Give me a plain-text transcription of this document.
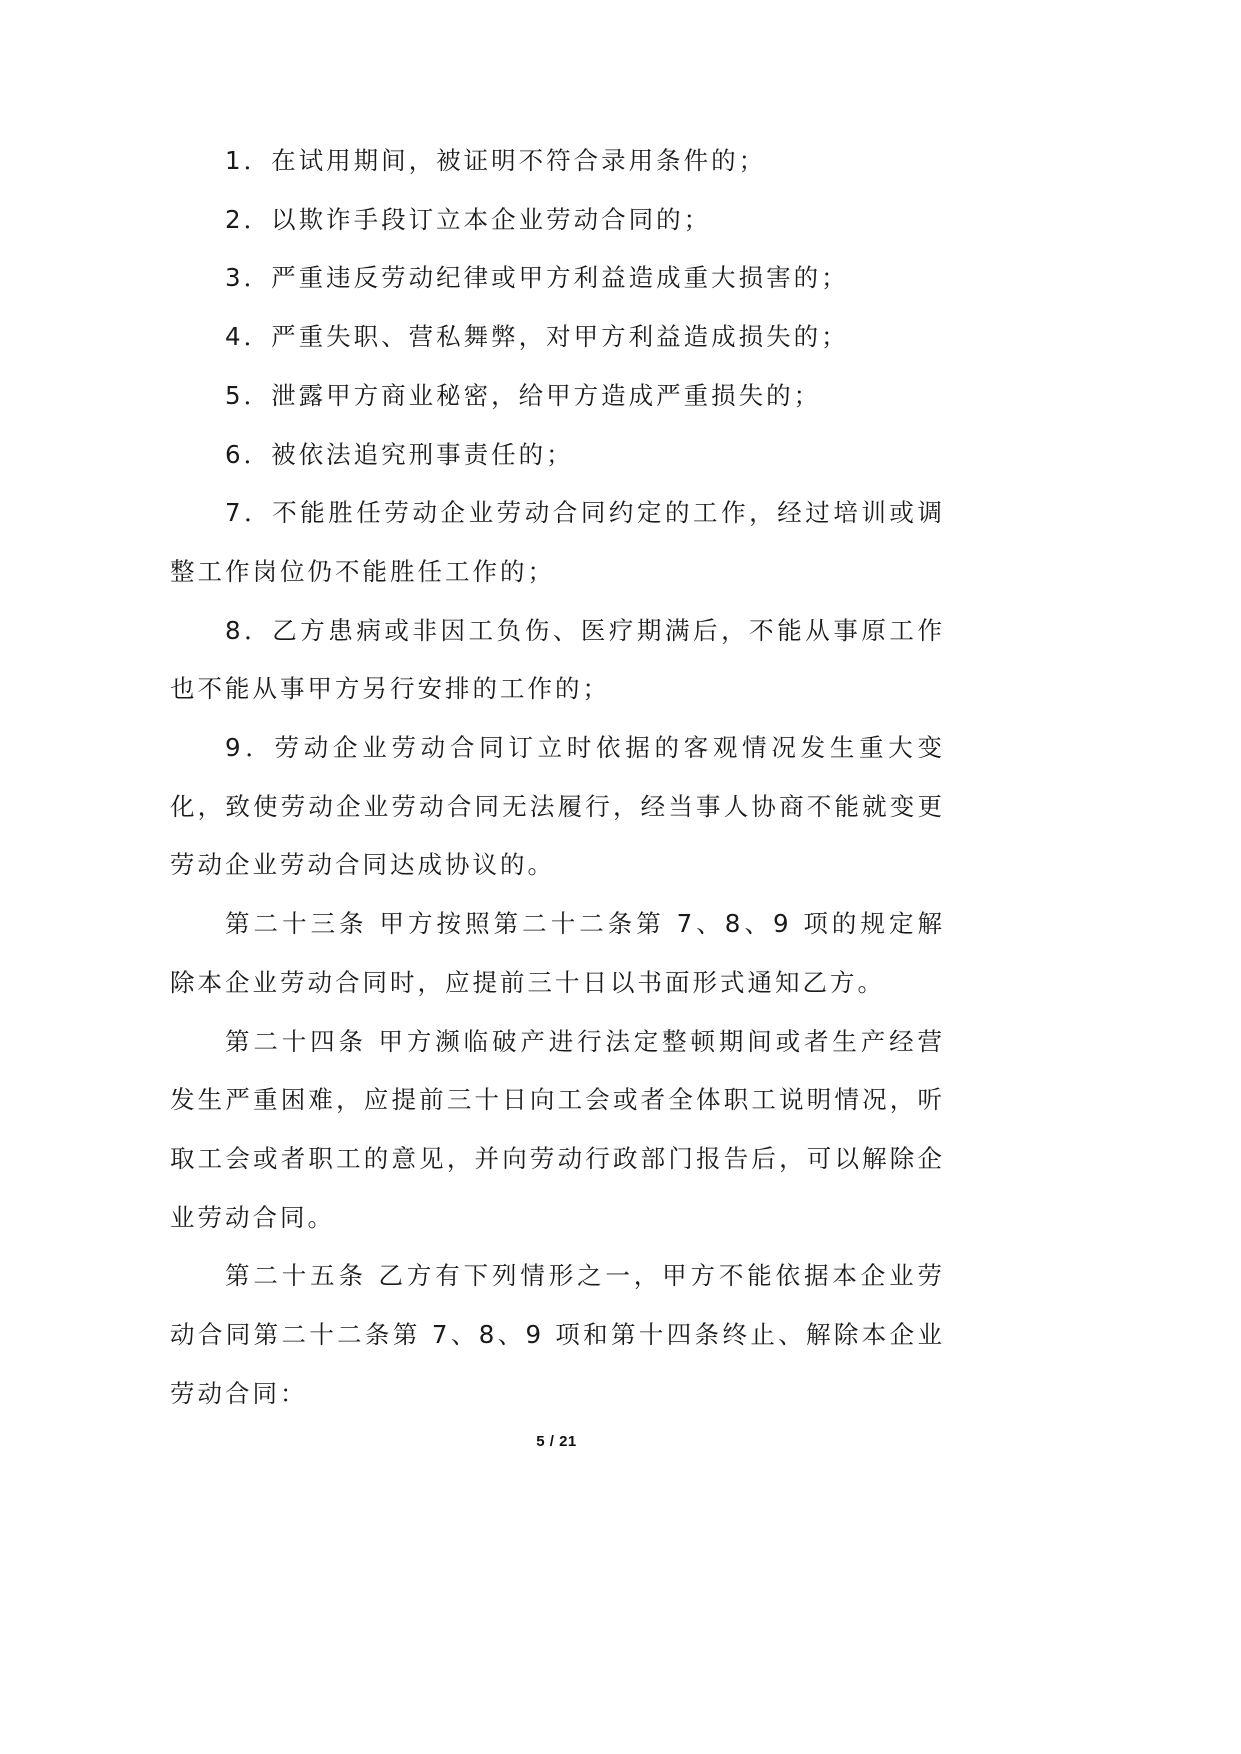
1．在试用期间，被证明不符合录用条件的；

2．以欺诈手段订立本企业劳动合同的；

3．严重违反劳动纪律或甲方利益造成重大损害的；

4．严重失职、营私舞弊，对甲方利益造成损失的；

5．泄露甲方商业秘密，给甲方造成严重损失的；

6．被依法追究刑事责任的；

7．不能胜任劳动企业劳动合同约定的工作，经过培训或调整工作岗位仍不能胜任工作的；

8．乙方患病或非因工负伤、医疗期满后，不能从事原工作也不能从事甲方另行安排的工作的；

9．劳动企业劳动合同订立时依据的客观情况发生重大变化，致使劳动企业劳动合同无法履行，经当事人协商不能就变更劳动企业劳动合同达成协议的。

第二十三条 甲方按照第二十二条第 7、8、9 项的规定解除本企业劳动合同时，应提前三十日以书面形式通知乙方。

第二十四条 甲方濒临破产进行法定整顿期间或者生产经营发生严重困难，应提前三十日向工会或者全体职工说明情况，听取工会或者职工的意见，并向劳动行政部门报告后，可以解除企业劳动合同。

第二十五条 乙方有下列情形之一，甲方不能依据本企业劳动合同第二十二条第 7、8、9 项和第十四条终止、解除本企业劳动合同：

5 / 21
